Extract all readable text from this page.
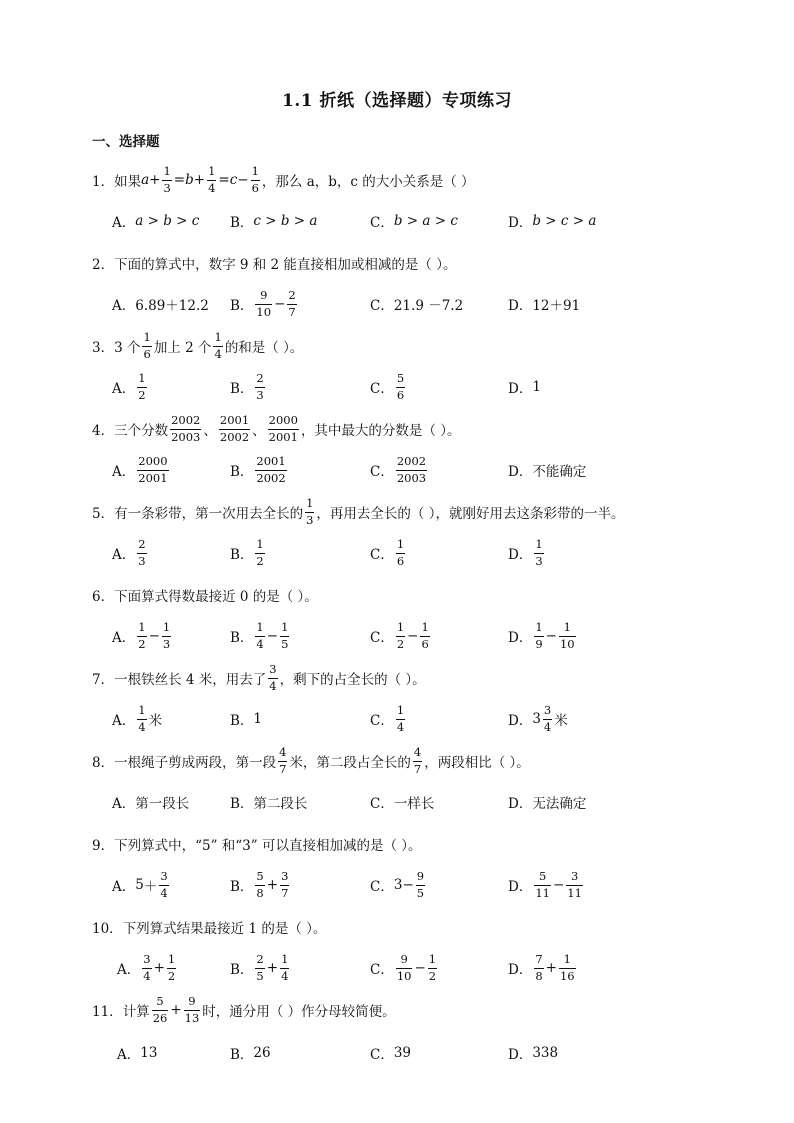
1.1 折纸（选择题）专项练习
一、选择题
1． 如果 $a + \frac{1}{3} = b + \frac{1}{4} = c - \frac{1}{6}$ ，那么 a，b，c 的大小关系是（ ）
A． a > b > c B． c > b > a	C． b > a > c	D． b > c > a
2． 下面的算式中，数字 9 和 2 能直接相加或相减的是（ ）。
A． 6.89＋12.2 B． $\frac{9}{10} - \frac{2}{7}$	C． 21.9 －7.2	D． 12＋91
3． 3 个 $\frac{1}{6}$ 加上 2 个 $\frac{1}{4}$ 的和是（ ）。
A． $\frac{1}{2}$	B． $\frac{2}{3}$	C． $\frac{5}{6}$	D． 1
4． 三个分数 $\frac{2002}{2003}$ 、 $\frac{2001}{2002}$ 、 $\frac{2000}{2001}$ ，其中最大的分数是（ ）。
A． $\frac{2000}{2001}$	B． $\frac{2001}{2002}$	C． $\frac{2002}{2003}$	D． 不能确定
5． 有一条彩带，第一次用去全长的 $\frac{1}{3}$ ，再用去全长的（ ），就刚好用去这条彩带的一半。
A． $\frac{2}{3}$	B． $\frac{1}{2}$	C． $\frac{1}{6}$	D． $\frac{1}{3}$
6． 下面算式得数最接近 0 的是（ ）。
A． $\frac{1}{2} - \frac{1}{3}$	B． $\frac{1}{4} - \frac{1}{5}$	C． $\frac{1}{2} - \frac{1}{6}$	D． $\frac{1}{9} - \frac{1}{10}$
7． 一根铁丝长 4 米，用去了 $\frac{3}{4}$ ，剩下的占全长的（ ）。
A． $\frac{1}{4}$ 米	B． 1	C． $\frac{1}{4}$	D． $3 \frac{3}{4}$ 米
8． 一根绳子剪成两段，第一段 $\frac{4}{7}$ 米，第二段占全长的 $\frac{4}{7}$ ，两段相比（ ）。
A． 第一段长	B． 第二段长	C． 一样长	D． 无法确定
9． 下列算式中，“5” 和“3” 可以直接相加减的是（ ）。
A． $5 + \frac{3}{4}$	B． $\frac{5}{8} + \frac{3}{7}$	C． $3 - \frac{9}{5}$	D． $\frac{5}{11} - \frac{3}{11}$
10． 下列算式结果最接近 1 的是（ ）。
A． $\frac{3}{4} + \frac{1}{2}$	B． $\frac{2}{5} + \frac{1}{4}$	C． $\frac{9}{10} - \frac{1}{2}$	D． $\frac{7}{8} + \frac{1}{16}$
11． 计算 $\frac{5}{26} + \frac{9}{13}$ 时，通分用（ ）作分母较简便。
A． 13	B． 26	C． 39	D． 338
